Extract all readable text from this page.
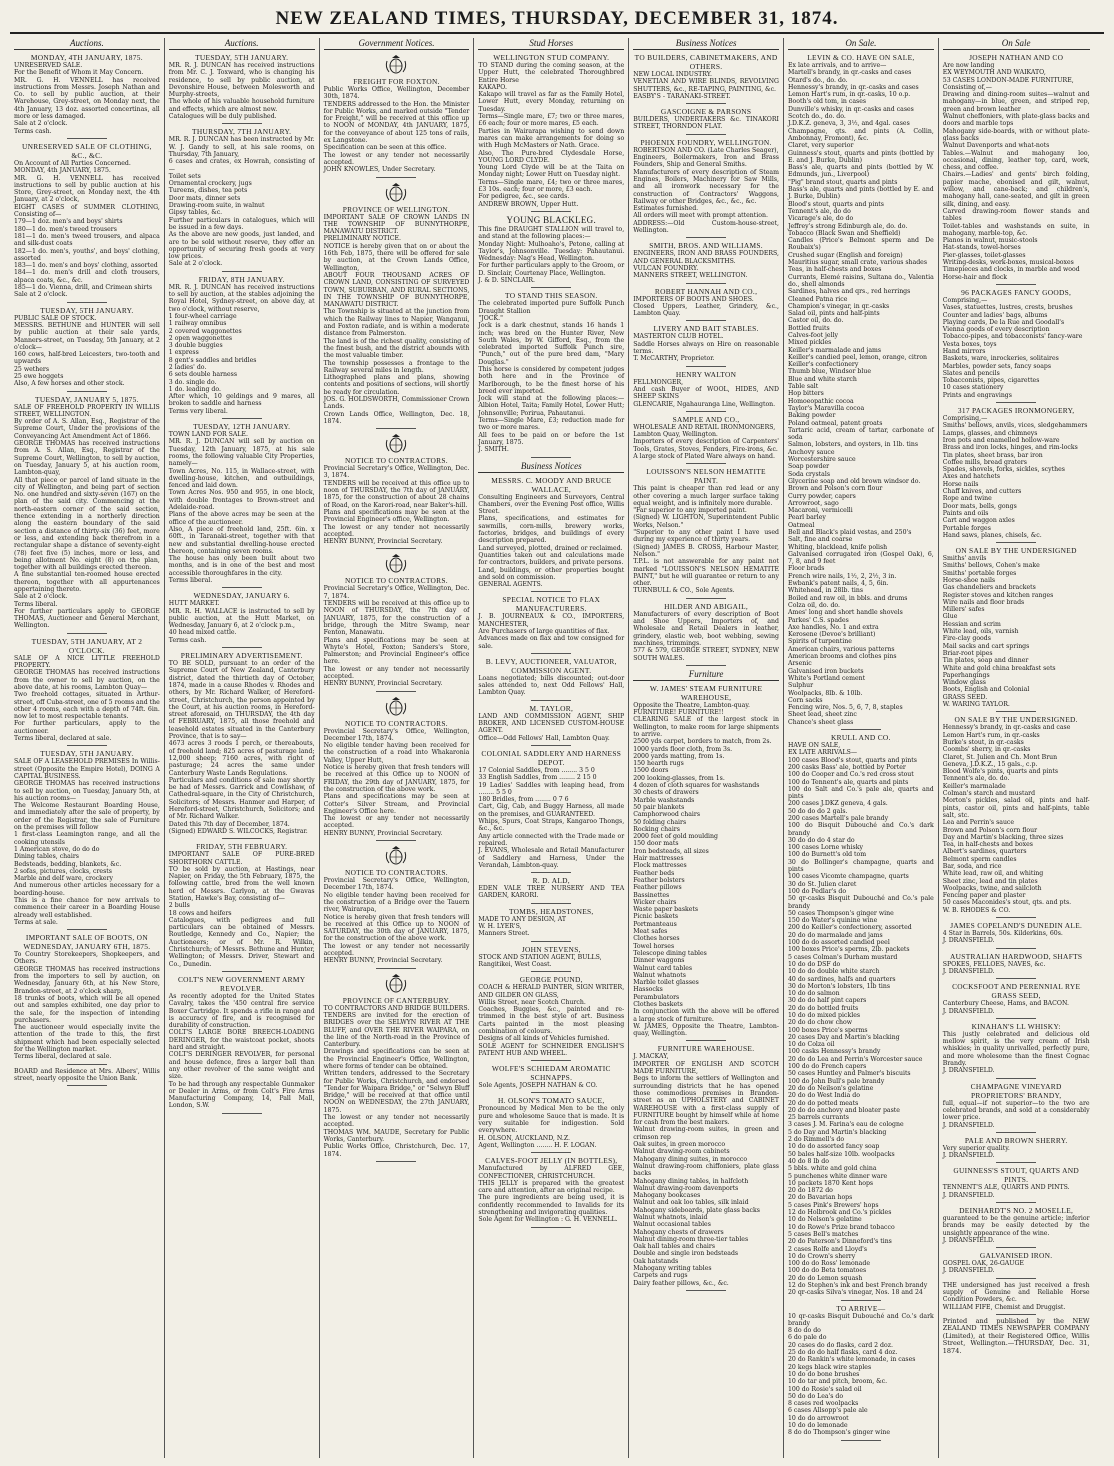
NEW ZEALAND TIMES, THURSDAY, DECEMBER 31, 1874.
Auctions.
MONDAY, 4TH JANUARY, 1875.
UNRESERVED SALE.
For the Benefit of Whom it May Concern.
MR. G. H. VENNELL has received instructions from Messrs. Joseph Nathan and Co. to sell by public auction, at their Warehouse, Grey-street, on Monday next, the 4th January, 13 doz. assorted concertinas, all more or less damaged.
Sale at 2 o'clock.
Terms cash.
UNRESERVED SALE OF CLOTHING, &C., &C.
On Account of All Parties Concerned.
MONDAY, 4th JANUARY, 1875.
MR. G. H. VENNELL has received instructions to sell by public auction at his Store, Grey-street, on Monday next, the 4th January, at 2 o'clock,
EIGHT CASES of SUMMER CLOTHING, Consisting of—
179—1 doz. men's and boys' shirts
180—1 do. men's tweed trousers
181—1 do. men's tweed trousers, and alpaca and silk-dust coats
182—1 do. men's, youths', and boys' clothing, assorted
183—1 do. men's and boys' clothing, assorted
184—1 do. men's drill and cloth trousers, alpaca coats, &c., &c.
185—1 do. Vienna, drill, and Crimean shirts
Sale at 2 o'clock.
TUESDAY, 5TH JANUARY.
PUBLIC SALE OF STOCK.
MESSRS. BETHUNE and HUNTER will sell by public auction at their sale yards, Manners-street, on Tuesday, 5th January, at 2 o'clock—
160 cows, half-bred Leicesters, two-tooth and upwards
25 wethers
25 ewe hoggets
Also, A few horses and other stock.
TUESDAY, JANUARY 5, 1875.
SALE OF FREEHOLD PROPERTY IN WILLIS STREET, WELLINGTON.
By order of A. S. Allan, Esq., Registrar of the Supreme Court, Under the provisions of the Conveyancing Act Amendment Act of 1866.
GEORGE THOMAS has received instructions from A. S. Allan, Esq., Registrar of the Supreme Court, Wellington, to sell by auction, on Tuesday, January 5, at his auction room, Lambton-quay,
All that piece or parcel of land situate in the city of Wellington, and being part of section No. one hundred and sixty-seven (167) on the plan of the said city. Commencing at the north-eastern corner of the said section, thence extending in a northerly direction along the eastern boundary of the said section a distance of thirty-six (36) feet, more or less, and extending back therefrom in a rectangular shape a distance of seventy-eight (78) feet five (5) inches, more or less, and being allotment No. eight (8) on the plan, together with all buildings erected thereon.
A fine substantial ten-roomed house erected thereon, together with all appurtenances appertaining thereto.
Sale at 2 o'clock.
Terms liberal.
For further particulars apply to GEORGE THOMAS, Auctioneer and General Merchant, Wellington.
TUESDAY, 5TH JANUARY, AT 2 O'CLOCK.
SALE OF A NICE LITTLE FREEHOLD PROPERTY.
GEORGE THOMAS has received instructions from the owner to sell by auction, on the above date, at his rooms, Lambton Quay—
Two freehold cottages, situated in Arthur-street, off Cuba-street, one of 5 rooms and the other 4 rooms, each with a depth of 74ft. 6in. now let to most respectable tenants.
For further particulars, apply to the auctioneer.
Terms liberal, declared at sale.
TUESDAY, 5TH JANUARY.
SALE OF A LEASEHOLD PREMISES In Willis-street (Opposite the Empire Hotel), DOING A CAPITAL BUSINESS.
GEORGE THOMAS has received instructions to sell by auction, on Tuesday, January 5th, at his auction rooms—
The Welcome Restaurant Boarding House, and immediately after the sale of property, by order of the Registrar, the sale of Furniture on the premises will follow
1 first-class Leamington range, and all the cooking utensils
1 American stove, do do do
Dining tables, chairs
Bedsteads, bedding, blankets, &c.
2 sofas, pictures, clocks, crests
Marble and delf ware, crockery
And numerous other articles necessary for a boarding-house.
This is a fine chance for new arrivals to commence their career in a Boarding House already well established.
Terms at sale.
IMPORTANT SALE OF BOOTS, ON WEDNESDAY, JANUARY 6TH, 1875.
To Country Storekeepers, Shopkeepers, and Others.
GEORGE THOMAS has received instructions from the importers to sell by auction, on Wednesday, January 6th, at his New Store, Brandon-street, at 2 o'clock sharp,
18 trunks of boots, which will be all opened out and samples exhibited, one day prior to the sale, for the inspection of intending purchasers.
The auctioneer would especially invite the attention of the trade to this, the first shipment which had been especially selected for the Wellington market.
Terms liberal, declared at sale.
BOARD and Residence at Mrs. Albers', Willis street, nearly opposite the Union Bank.
Auctions.
TUESDAY, 5TH JANUARY.
MR. R. J. DUNCAN has received instructions from Mr. C. J. Toxward, who is changing his residence, to sell by public auction, at Devonshire House, between Molesworth and Murphy-streets,
The whole of his valuable household furniture and effects, which are almost new.
Catalogues will be duly published.
THURSDAY, 7TH JANUARY.
MR. R. J. DUNCAN has been instructed by Mr. W. J. Gandy to sell, at his sale rooms, on Thursday, 7th January,
6 cases and crates, ex Howrah, consisting of—
Toilet sets
Ornamental crockery, jugs
Tureens, dishes, tea pots
Door mats, dinner sets
Drawing-room suite, in walnut
Gipsy tables, &c.
Further particulars in catalogues, which will be issued in a few days.
As the above are new goods, just landed, and are to be sold without reserve, they offer an opportunity of securing fresh goods at very low prices.
Sale at 2 o'clock.
FRIDAY, 8TH JANUARY.
MR. R. J. DUNCAN has received instructions to sell by auction, at the stables adjoining the Royal Hotel, Sydney-street, on above day, at two o'clock, without reserve,
1 four-wheel carriage
1 railway omnibus
2 covered waggonettes
2 open waggonettes
3 double buggies
1 express
8 gent's saddles and bridles
2 ladies' do.
6 sets double harness
3 do. single do.
1 do. leading do.
After which, 10 geldings and 9 mares, all broken to saddle and harness
Terms very liberal.
TUESDAY, 12TH JANUARY.
TOWN LAND FOR SALE.
MR. R. J. DUNCAN will sell by auction on Tuesday, 12th January, 1875, at his sale rooms, the following valuable City Properties, namely—
Town Acres, No. 115, in Wallace-street, with dwelling-house, kitchen, and outbuildings, fenced and laid down.
Town Acres Nos. 950 and 955, in one block, with double frontages to Brown-street and Adelaide-road.
Plans of the above acres may be seen at the office of the auctioneer.
Also, A piece of freehold land, 25ft. 6in. x 60ft., in Taranaki-street, together with that new and substantial dwelling-house erected thereon, containing seven rooms.
The house has only been built about two months, and is in one of the best and most accessible thoroughfares in the city.
Terms liberal.
WEDNESDAY, JANUARY 6.
HUTT MARKET.
MR. R. H. WALLACE is instructed to sell by public auction, at the Hutt Market, on Wednesday, January 6, at 2 o'clock p.m.,
40 head mixed cattle.
Terms cash.
PRELIMINARY ADVERTISEMENT.
TO BE SOLD, pursuant to an order of the Supreme Court of New Zealand, Canterbury district, dated the thirtieth day of October, 1874, made in a cause Rhodes v. Rhodes and others, by Mr. Richard Walker, of Hereford-street, Christchurch, the person appointed by the Court, at his auction rooms, in Hereford-street aforesaid, on THURSDAY, the 4th day of FEBRUARY, 1875, all those freehold and leasehold estates situated in the Canterbury Province, that is to say—
4673 acres 3 roods 1 perch, or thereabouts, of freehold land; 825 acres of pasturage land; 12,000 sheep; 7160 acres, with right of pasturage; 24 acres the same under Canterbury Waste Lands Regulations.
Particulars and conditions of sale may shortly be had of Messrs. Garrick and Cowlishaw, of Cathedral-square, in the City of Christchurch, Solicitors; of Messrs. Hanmer and Harper, of Hereford-street, Christchurch, Solicitors; and of Mr. Richard Walker.
Dated this 7th day of December, 1874.
(Signed) EDWARD S. WILCOCKS, Registrar.
FRIDAY, 5TH FEBRUARY.
IMPORTANT SALE OF PURE-BRED SHORTHORN CATTLE.
TO be sold by auction, at Hastings, near Napier, on Friday, the 5th February, 1875, the following cattle, bred from the well known herd of Messrs. Carlyon, at the Gwavas Station, Hawke's Bay, consisting of—
2 bulls
18 cows and heifers
Catalogues, with pedigrees and full particulars can be obtained of Messrs. Routledge, Kennedy and Co., Napier; the Auctioneers; or of Mr. R. Wilkin, Christchurch; of Messrs. Bethune and Hunter, Wellington; of Messrs. Driver, Stewart and Co., Dunedin.
COLT'S NEW GOVERNMENT ARMY REVOLVER.
As recently adopted for the United States Cavalry, takes the '450 central fire service Boxer Cartridge. It spends a rifle in range and is accuracy of fire, and is recognised for durability of construction.
COLT'S LARGE BORE BREECH-LOADING DERINGER, for the waistcoat pocket, shoots hard and straight.
COLT'S DERINGER REVOLVER, for personal and house defence, fires a larger ball than any other revolver of the same weight and size.
To be had through any respectable Gunmaker or Dealer in Arms, or from Colt's Fire Arms Manufacturing Company, 14, Pall Mall, London, S.W.
Government Notices.
FREIGHT FOR FOXTON.
Public Works Office, Wellington, December 30th, 1874.
TENDERS addressed to the Hon. the Minister for Public Works, and marked outside "Tender for Freight," will be received at this office up to NOON of MONDAY, 4th JANUARY, 1875, for the conveyance of about 125 tons of rails, ex Langstone.
Specification can be seen at this office.
The lowest or any tender not necessarily accepted.
JOHN KNOWLES, Under Secretary.
PROVINCE OF WELLINGTON.
IMPORTANT SALE OF CROWN LANDS IN THE TOWNSHIP OF BUNNYTHORPE, MANAWATU DISTRICT.
PRELIMINARY NOTICE.
NOTICE is hereby given that on or about the 16th Feb, 1875, there will be offered for sale by auction, at the Crown Lands Office, Wellington,
ABOUT FOUR THOUSAND ACRES OF CROWN LAND, CONSISTING OF SURVEYED TOWN, SUBURBAN, AND RURAL SECTIONS, IN THE TOWNSHIP OF BUNNYTHORPE, MANAWATU DISTRICT.
The Township is situated at the junction from which the Railway lines to Napier, Wanganui, and Foxton radiate, and is within a moderate distance from Palmerston.
The land is of the richest quality, consisting of the finest bush, and the district abounds with the most valuable timber.
The township possesses a frontage to the Railway several miles in length.
Lithographed plans and plans, showing contents and positions of sections, will shortly be ready for circulation.
JOS. G. HOLDSWORTH, Commissioner Crown Lands.
Crown Lands Office, Wellington, Dec. 18, 1874.
NOTICE TO CONTRACTORS.
Provincial Secretary's Office, Wellington, Dec. 3, 1874.
TENDERS will be received at this office up to noon of THURSDAY, the 7th day of JANUARY, 1875, for the construction of about 28 chains of Road, on the Karori-road, near Baker's-hill.
Plans and specifications may be seen at the Provincial Engineer's office, Wellington.
The lowest or any tender not necessarily accepted.
HENRY BUNNY, Provincial Secretary.
NOTICE TO CONTRACTORS.
Provincial Secretary's Office, Wellington, Dec. 7, 1874.
TENDERS will be received at this office up to NOON of THURSDAY, the 7th day of JANUARY, 1875, for the construction of a bridge, through the Mitre Swamp, near Fenton, Manawatu.
Plans and specifications may be seen at Whyte's Hotel, Foxton; Sanders's Store, Palmerston; and Provincial Engineer's office here.
The lowest or any tender not necessarily accepted.
HENRY BUNNY, Provincial Secretary.
NOTICE TO CONTRACTORS.
Provincial Secretary's Office, Wellington, December 17th, 1874.
No eligible tender having been received for the construction of a road into Whakaronia Valley, Upper Hutt,
Notice is hereby given that fresh tenders will be received at this Office up to NOON of FRIDAY, the 29th day of JANUARY, 1875, for the construction of the above work.
Plans and specifications may be seen at Cotter's Silver Stream, and Provincial Engineer's Office here.
The lowest or any tender not necessarily accepted.
HENRY BUNNY, Provincial Secretary.
NOTICE TO CONTRACTORS.
Provincial Secretary's Office, Wellington, December 17th, 1874.
No eligible tender having been received for the construction of a Bridge over the Tauern river, Wairarapa,
Notice is hereby given that fresh tenders will be received at this Office up to NOON of SATURDAY, the 30th day of JANUARY, 1875, for the construction of the above work.
The lowest or any tender not necessarily accepted.
HENRY BUNNY, Provincial Secretary.
PROVINCE OF CANTERBURY.
TO CONTRACTORS AND BRIDGE BUILDERS.
TENDERS are invited for the erection of BRIDGES over the SELWYN RIVER AT THE BLUFF, and OVER THE RIVER WAIPARA, on the line of the North-road in the Province of Canterbury.
Drawings and specifications can be seen at the Provincial Engineer's Office, Wellington, where forms of tender can be obtained.
Written tenders, addressed to the Secretary for Public Works, Christchurch, and endorsed "Tender for Waipara Bridge," or "Selwyn Bluff Bridge," will be received at that office until NOON on WEDNESDAY, the 27th JANUARY, 1875.
The lowest or any tender not necessarily accepted.
THOMAS WM. MAUDE, Secretary for Public Works, Canterbury.
Public Works Office, Christchurch, Dec. 17, 1874.
Stud Horses
WELLINGTON STUD COMPANY.
TO STAND during the coming season, at the Upper Hutt, the celebrated Thoroughbred Entire Horse
KAKAPO.
Kakapo will travel as far as the Family Hotel, Lower Hutt, every Monday, returning on Tuesday.
Terms—Single mare, £7; two or three mares, £6 each; four or more mares, £5 each.
Parties in Wairarapa wishing to send down mares can make arrangements for doing so with Hugh McMasters or Nath. Grace.
Also, The Pure-bred Clydesdale Horse, YOUNG LORD CLYDE.
Young Lord Clyde will be at the Taita on Monday night; Lower Hutt on Tuesday night.
Terms—Single mare, £4; two or three mares, £3 10s. each; four or more, £3 each.
For pedigree, &c., see cards.
ANDREW BROWN, Upper Hutt.
YOUNG BLACKLEG.
This fine DRAUGHT STALLION will travel to, and stand at the following places:—
Monday Night: Mulhoaho's, Petone, calling at Taylor's, Johnsonville. Tuesday: Pahautanui. Wednesday: Nag's Head, Wellington.
For further particulars apply to the Groom, or D. Sinclair, Courtenay Place, Wellington.
J. & D. SINCLAIR.
TO STAND THIS SEASON.
The celebrated imported pure Suffolk Punch Draught Stallion
"JOCK."
Jock is a dark chestnut, stands 16 hands 1 inch; was bred on the Hunter River, New South Wales, by W. Gifford, Esq., from the celebrated imported Suffolk Punch sire, "Punch," out of the pure bred dam, "Mary Douglas."
This horse is considered by competent judges both here and in the Province of Marlborough, to be the finest horse of his breed ever imported.
Jock will stand at the following places:— Albion Hotel, Taita; Family Hotel, Lower Hutt; Johnsonville; Porirua, Pahautanui.
Terms—Single Mare, £3; reduction made for two or more mares.
All fees to be paid on or before the 1st January, 1875.
J. SMITH.
Business Notices
MESSRS. C. MOODY AND BRUCE WALLACE,
Consulting Engineers and Surveyors, Central Chambers, over the Evening Post office, Willis Street.
Plans, specifications, and estimates for sawmills, corn-mills, brewery works, factories, bridges, and buildings of every description prepared.
Land surveyed, plotted, drained or reclaimed.
Quantities taken out and calculations made for contractors, builders, and private persons.
Land, buildings, or other properties bought and sold on commission.
GENERAL AGENTS.
SPECIAL NOTICE TO FLAX MANUFACTURERS.
J. B. JOURNEAUX & CO., IMPORTERS, MANCHESTER,
Are Purchasers of large quantities of flax.
Advances made on flax and tow consigned for sale.
B. LEVY, AUCTIONEER, VALUATOR, COMMISSION AGENT.
Loans negotiated; bills discounted; out-door sales attended to, next Odd Fellows' Hall, Lambton Quay.
M. TAYLOR,
LAND AND COMMISSION AGENT, SHIP BROKER, AND LICENSED CUSTOM-HOUSE AGENT.
Office—Odd Fellows' Hall, Lambton Quay.
COLONIAL SADDLERY AND HARNESS DEPOT.
17 Colonial Saddles, from ........ 3 5 0
33 English Saddles, from ........ 2 15 0
19 Ladies' Saddles with leaping head, from ........ 5 5 0
180 Bridles, from ........ 0 7 6
Cart, Gig, Cab, and Buggy Harness, all made on the premises, and GUARANTEED.
Whips, Spurs, Coat Straps, Kangaroo Thongs, &c., &c.
Any article connected with the Trade made or repaired.
J. EVANS, Wholesale and Retail Manufacturer of Saddlery and Harness, Under the Verandah, Lambton-quay.
R. D. ALD,
EDEN VALE TREE NURSERY AND TEA GARDEN, KARORI.
TOMBS, HEADSTONES,
MADE TO ANY DESIGN, AT
W. H. LYER'S,
Manners Street.
JOHN STEVENS,
STOCK AND STATION AGENT, BULLS,
Rangitikei, West Coast.
GEORGE POUND,
COACH & HERALD PAINTER, SIGN WRITER, AND GILDER ON GLASS,
Willis Street, near Scotch Church.
Coaches, Buggies, &c., painted and re-trimmed in the best style of art. Business Carts painted in the most pleasing combination of colours.
Designs of all kinds of Vehicles furnished.
SOLE AGENT for SCHNEIDER ENGLISH'S PATENT HUB AND WHEEL.
WOLFE'S SCHIEDAM AROMATIC SCHNAPPS.
Sole Agents, JOSEPH NATHAN & CO.
H. OLSON'S TOMATO SAUCE,
Pronounced by Medical Men to be the only pure and wholesome Sauce that is made. It is very suitable for indigestion. Sold everywhere.
H. OLSON, AUCKLAND, N.Z.
Agent, Wellington ........ H. F. LOGAN.
CALVES-FOOT JELLY (IN BOTTLES),
Manufactured by ALFRED GEE, CONFECTIONER, CHRISTCHURCH.
THIS JELLY is prepared with the greatest care and attention, after an original recipe.
The pure ingredients are being used, it is confidently recommended to Invalids for its strengthening and invigorating qualities.
Sole Agent for Wellington : G. H. VENNELL.
Business Notices
TO BUILDERS, CABINETMAKERS, AND OTHERS.
NEW LOCAL INDUSTRY.
VENETIAN AND WIRE BLINDS, REVOLVING SHUTTERS, &c., RE-TAPING, PAINTING, &c.
EASBY'S - TARANAKI-STREET.
GASCOIGNE & PARSONS
BUILDERS, UNDERTAKERS &c. TINAKORI STREET, THORNDON FLAT.
PHOENIX FOUNDRY, WELLINGTON.
ROBERTSON AND CO. (Late Charles Seager),
Engineers, Boilermakers, Iron and Brass Founders, Ship and General Smiths.
Manufacturers of every description of Steam Engines, Boilers, Machinery for Saw Mills, and all ironwork necessary for the construction of Contractors' Waggons, Railway or other Bridges, &c., &c., &c.
Estimates furnished.
All orders will meet with prompt attention.
ADDRESS:—Old Custom-house-street, Wellington.
SMITH, BROS. AND WILLIAMS.
ENGINEERS, IRON AND BRASS FOUNDERS, AND GENERAL BLACKSMITHS.
VULCAN FOUNDRY.
MANNERS STREET, WELLINGTON.
ROBERT HANNAH AND CO.,
IMPORTERS OF BOOTS AND SHOES.
Closed Uppers, Leather, Grindery, &c., Lambton Quay.
LIVERY AND BAIT STABLES.
MASTERTON CLUB HOTEL.
Saddle Horses always on Hire on reasonable terms.
T. McCARTHY, Proprietor.
HENRY WALTON
FELLMONGER,
And cash Buyer of WOOL, HIDES, AND SHEEP SKINS
GLENCARIE, Ngahauranga Line, Wellington.
SAMPLE AND CO.,
WHOLESALE AND RETAIL IRONMONGERS,
Lambton Quay, Wellington.
Importers of every description of Carpenters' Tools, Grates, Stoves, Fenders, Fire-irons, &c.
A large stock of Plated Ware always on hand.
LOUISSON'S NELSON HEMATITE PAINT.
This paint is cheaper than red lead or any other covering a much larger surface taking equal weight, and is infinitely more durable.
"Far superior to any imported paint.
(Signed) W. LIGHTON, Superintendent Public Works, Nelson."
"Superior to any other paint I have used during my experience of thirty years.
(Signed) JAMES B. CROSS, Harbour Master, Nelson."
T.P.L. is not answerable for any paint not marked "LOUISSON'S NELSON HEMATITE PAINT," but he will guarantee or return to any other.
TURNBULL & CO., Sole Agents.
HILDER AND ABIGAIL,
Manufacturers of every description of Boot and Shoe Uppers, Importers of, and Wholesale and Retail Dealers in leather, grindery, elastic web, boot webbing, sewing machines, trimmings.
577 & 579, GEORGE STREET, SYDNEY, NEW SOUTH WALES.
Furniture
W. JAMES' STEAM FURNITURE WAREHOUSE,
Opposite the Theatre, Lambton-quay.
FURNITURE! FURNITURE!!
CLEARING SALE of the largest stock in Wellington, to make room for large shipments to arrive.
2500 yds carpet, borders to match, from 2s.
1000 yards floor cloth, from 3s.
2000 yards matting, from 1s.
150 hearth rugs
1500 doors
200 looking-glasses, from 1s.
4 dozen of cloth squares for washstands
30 chests of drawers
Marble washstands
50 pair blankets
Camphorwood chairs
50 folding chairs
Rocking chairs
2000 feet of gold moulding
150 door mats
Iron bedsteads, all sizes
Hair mattresses
Flock mattresses
Feather beds
Feather bolsters
Feather pillows
Bassinettes
Wicker chairs
Waste paper baskets
Picnic baskets
Portmanteaus
Meat safes
Clothes horses
Towel horses
Telescope dining tables
Dinner waggons
Walnut card tables
Walnut whatnots
Marble toilet glasses
Hassocks
Perambulators
Clothes baskets
In conjunction with the above will be offered a large stock of furniture.
W. JAMES, Opposite the Theatre, Lambton-quay, Wellington.
FURNITURE WAREHOUSE.
J. MACKAY,
IMPORTER OF ENGLISH AND SCOTCH MADE FURNITURE,
Begs to inform the settlers of Wellington and surrounding districts that he has opened those commodious premises in Brandon-street as an UPHOLSTERY and CABINET WAREHOUSE with a first-class supply of FURNITURE bought by himself while at home for cash from the best makers.
Walnut drawing-room suites, in green and crimson rep
Oak suites, in green morocco
Walnut drawing-room cabinets
Mahogany dining suites, in morocco
Walnut drawing-room chiffoniers, plate glass backs
Mahogany dining tables, in halfcloth
Walnut drawing-room davenports
Mahogany bookcases
Walnut and oak loo tables, silk inlaid
Mahogany sideboards, plate glass backs
Walnut whatnots, inlaid
Walnut occasional tables
Mahogany chests of drawers
Walnut dining-room three-tier tables
Oak hall tables and chairs
Double and single iron bedsteads
Oak hatstands
Mahogany writing tables
Carpets and rugs
Dairy feather pillows, &c., &c.
On Sale.
LEVIN & CO. HAVE ON SALE,
Ex late arrivals, and to arrive—
Martell's brandy, in qr.-casks and cases
Otard's do., do. do.
Hennessy's brandy, in qr.-casks and cases
Lemon Hart's rum, in qr.-casks, 10 o.p.
Booth's old tom, in cases
Dunville's whisky, in qr.-casks and cases
Scotch do., do. do.
J.D.K.Z. geneva, 3, 3½, and 4gal. cases
Champagne, qts. and pints (A. Collin, Ambonnay, Fromont), &c.
Claret, very superior
Guinness's stout, quarts and pints (bottled by E. and J. Burke, Dublin)
Bass's ale, quarts and pints (bottled by W. Edmunds, jun., Liverpool)
"Pig" brand stout, quarts and pints
Bass's ale, quarts and pints (bottled by E. and J. Burke, Dublin)
Blood's stout, quarts and pints
Tennent's ale, do do
Vicarage's ale, do do
Jeffrey's strong Edinburgh ale, do. do.
Tobacco (Black Swan and Sheffield)
Candles (Price's Belmont sperm and De Roubaix's)
Crushed sugar (English and foreign)
Mauritius sugar, small crate, various shades
Teas, in half-chests and boxes
Currants, Elemé raisins, Sultana do., Valentia do., shell almonds
Sardines, halves and qrs., red herrings
Cleaned Patna rice
Champion's vinegar, in qr.-casks
Salad oil, pints and half-pints
Castor oil, do. do.
Bottled fruits
Calves-foot jelly
Mixed pickles
Keiller's marmalade and jams
Keiller's candied peel, lemon, orange, citron
Keiller's confectionery
Thumb blue, Windsor blue
Blue and white starch
Table salt
Hop bitters
Homoeopathic cocoa
Taylor's Maravilla cocoa
Baking powder
Poland oatmeal, patent groats
Tartaric acid, cream of tartar, carbonate of soda
Salmon, lobsters, and oysters, in 1lb. tins
Anchovy sauce
Worcestershire sauce
Soap powder
Soda crystals
Glycerine soap and old brown windsor do.
Brown and Polson's corn flour
Curry powder, capers
Arrowroot, sago
Macaroni, vermicelli
Pearl barley
Oatmeal
Bell and Black's plaid vestas, and 250's
Salt, fine and coarse
Whiting, blacklead, knife polish
Galvanised corrugated iron (Gospel Oak), 6, 7, 8, and 9 feet
Floor brads
French wire nails, 1½, 2, 2½, 3 in.
Ewbank's patent nails, 4, 5, 6in.
Whitehead, in 28lb. tins
Boiled and raw oil, in bbls. and drums
Colza oil, do. do.
Ames' long and short handle shovels
Parkes' C.S. spades
Axe handles, No. 1 and extra
Kerosene (Devoe's brilliant)
Spirits of turpentine
American chairs, various patterns
American brooms and clothes pins
Arsenic
Galvanised iron buckets
White's Portland cement
Sulphur
Woolpacks, 8lb. & 10lb.
Corn sacks
Fencing wire, Nos. 5, 6, 7, 8, staples
Sheet lead, sheet zinc
Chance's sheet glass
KRULL AND CO.
HAVE ON SALE,
EX LATE ARRIVALS—
100 cases Blood's stout, quarts and pints
200 casks Bass' ale, bottled by Porter
100 do Cooper and Co.'s red cross stout
100 do Tennent's ale, quarts and pints
100 do Salt and Co.'s pale ale, quarts and pints
200 cases J.DKZ geneva, 4 gals.
50 do do do 2 gals.
200 cases Martell's pale brandy
100 do Bisquit Dubouché and Co.'s dark brandy
30 do do do 4 star do
100 cases Lorne whisky
100 do Burnett's old tom
30 do Bollinger's champagne, quarts and pints
100 cases Vicomte champagne, quarts
30 do St. Julien claret
100 do Pedlar's do
50 qr-casks Bisquit Dubouché and Co.'s pale brandy
50 cases Thompson's ginger wine
150 do Water's quinine wine
200 do Keiller's confectionery, assorted
20 do do marmalade and jams
100 do do assorted candied peel
100 boxes Price's sperms, 2lb. packets
5 cases Colman's Durham mustard
10 do do DSF do
10 do do double white starch
40 do sardines, halfs and quarters
30 do Morton's lobsters, 1lb tins
10 do do salmon
30 do do half pint capers
20 do do bottled fruits
10 do do mixed pickles
20 do do chow chow
100 boxes Price's sperms
20 cases Day and Martin's blacking
10 do Colza oil
100 casks Hennessy's brandy
20 do do Lea and Perrin's Worcester sauce
100 do do French capers
50 cases Huntley and Palmer's biscuits
100 do John Bull's pale brandy
20 do do Neilson's gelatine
20 do do West India do
20 do do potted meats
20 do do anchovy and bloater paste
25 barrels currants
3 cases J. M. Farina's eau de cologne
5 do Day and Martin's blacking
2 do Rimmell's do
10 do do assorted fancy soap
50 bales half-size 10lb. woolpacks
40 do 8 lb do
5 bbls. white and gold china
5 punchenes white dinner ware
10 packets 1870 Kent hops
20 do 1872 do
20 do Bavarian hops
5 cases Pink's Brewers' hops
12 do Holbrook and Co.'s pickles
10 do Nelson's gelatine
10 do Rowe's Prize brand tobacco
5 cases Bell's matches
20 do Paterson's Dinneford's tins
2 cases Rolfe and Lloyd's
10 do Crown's sherry
100 do do Ross' lemonade
100 do do Beta tomatoes
20 do do Lemon squash
12 do Stephen's ink and best French brandy
20 qr-casks Silva's vinegar, Nos. 18 and 24
TO ARRIVE—
10 qr-casks Bisquit Dubouché and Co.'s dark brandy
8 do do do
6 do pale do
20 cases do do flasks, card 2 doz.
25 do do do half flasks, card 4 doz.
20 do Rankin's white lemonade, in cases
20 kegs black wire staples
10 do do bone brushes
10 do tar and pitch, broom, &c.
100 do Rosie's salad oil
50 do do Lea's do
8 cases red woolpacks
6 cases Allsopp's pale ale
10 do do arrowroot
10 do do lemonade
8 do do Thompson's ginger wine
On Sale
JOSEPH NATHAN AND CO
Are now landing
EX WEYMOUTH AND WAIKATO,
53 CASES LONDON-MADE FURNITURE,
Consisting of,—
Drawing and dining-room suites—walnut and mahogany—in blue, green, and striped rep, green and brown leather
Walnut cheffoniers, with plate-glass backs and doors and marble tops
Mahogany side-boards, with or without plate-glass backs
Walnut Davenports and what-nots
Tables.—Walnut and mahogany loo, occasional, dining, leather top, card, work, chess, and coffee.
Chairs.—Ladies' and gents' birch folding, papier mache, ebonised and gilt, walnut, willow, and cane-back; and children's, mahogany hall, cane-seated, and gilt in green silk, dining, and easy.
Carved drawing-room flower stands and tables
Toilet-tables and washstands en suite, in mahogany, marble-top, &c.
Pianos in walnut, music-stools
Hat-stands, towel-horses
Pier-glasses, toilet-glasses
Writing-desks, work-boxes, musical-boxes
Timepieces and clocks, in marble and wood
Horse-hair and flock
96 PACKAGES FANCY GOODS,
Comprising,—
Vases, statuettes, lustres, crests, brushes
Counter and ladies' bags, albums
Playing cards, De la Rue and Goodall's
Vienna goods of every description
Tobacco-pipes, and tobacconists' fancy-ware
Vesta boxes, toys
Hand mirrors
Baskets, ware, inrockeries, solitaires
Marbles, powder sets, fancy soaps
Slates and pencils
Tobacconists, pipes, cigarettes
10 cases stationery
Prints and engravings
317 PACKAGES IRONMONGERY,
Comprising,—
Smiths' bellows, anvils, vices, sledgehammers
Lamps, glasses, and chimneys
Iron pots and enamelled hollow-ware
Brass and iron locks, hinges, and rim-locks
Tin plates, sheet brass, bar iron
Coffee mills, bread graters
Spades, shovels, forks, sickles, scythes
Axes and hatchets
Horse nails
Chaff knives, and cutters
Rope and twine
Door mats, bells, gongs
Paints and oils
Cart and waggon axles
Portable forges
Hand saws, planes, chisels, &c.
ON SALE BY THE UNDERSIGNED
Smiths' anvils
Smiths' bellows, Cohen's make
Smiths' portable forges
Horse-shoe nails
Gas chandeliers and brackets
Register stoves and kitchen ranges
Wire nails and floor brads
Millers' safes
Glue
Hessian and scrim
White lead, oils, varnish
Fire-clay goods
Mail sacks and cart springs
Briar-root pipes
Tin plates, soap and dinner
White and gold china breakfast sets
Paperhangings
Window glass
Boots, English and Colonial
GRASS SEED.
W. WARING TAYLOR.
ON SALE BY THE UNDERSIGNED.
Hennessy's brandy, in qr.-casks and case
Lemon Hart's rum, in qr.-casks
Burke's stout, in qr.-casks
Coombs' sherry, in qr.-casks
Claret, St. Julien and Ch. Mont Brun
Geneva, J.D.K.Z., 15 gals., c.p.
Blood Wolfe's pints, quarts and pints
Tennent's ale, do. do.
Keiller's marmalade
Colman's starch and mustard
Morton's pickles, salad oil, pints and half-pints, castor oil, pints and half-pints, table salt, stc.
Lea and Perrin's sauce
Brown and Polson's corn flour
Day and Martin's blacking, three sizes
Tea, in half-chests and boxes
Albert's sardines, quarters
Belmont sperm candles
Bar, soda, and rice
White lead, raw oil, and whiting
Sheet zinc, lead and tin plates
Woolpacks, twine, and sailcloth
Fencing paper and plaster
50 cases Maconides's stout, qts. and pts.
W. B. RHODES & CO.
JAMES COPELAND'S DUNEDIN ALE.
4 Star in Barrels, 50s. Kilderkins, 60s.
J. DRANSFIELD.
AUSTRALIAN HARDWOOD, SHAFTS
SPOKES, FELLOES, NAVES, &c.
J. DRANSFIELD.
COCKSFOOT AND PERENNIAL RYE GRASS SEED,
Canterbury Cheese, Hams, and BACON.
J. DRANSFIELD.
KINAHAN'S LL WHISKY:
This justly celebrated and delicious old mellow spirit, is the very cream of Irish whiskies; in quality unrivalled, perfectly pure, and more wholesome than the finest Cognac Brandy.
J. DRANSFIELD.
CHAMPAGNE VINEYARD PROPRIETORS' BRANDY,
full, equal—if not superior—to the two are celebrated brands, and sold at a considerably lower price.
J. DRANSFIELD.
PALE AND BROWN SHERRY.
Very superior quality.
J. DRANSFIELD.
GUINNESS'S STOUT, QUARTS AND PINTS.
TENNENT'S ALE, QUARTS AND PINTS.
J. DRANSFIELD.
DEINHARDT'S NO. 2 MOSELLE,
guaranteed to be the genuine article; inferior brands may be easily detected by the unsightly appearance of the wine.
J. DRANSFIELD.
GALVANISED IRON.
GOSPEL OAK, 26-GAUGE
J. DRANSFIELD.
THE undersigned has just received a fresh supply of Genuine and Reliable Horse Condition Powders, &c.
WILLIAM FIFE, Chemist and Druggist.
Printed and published by the NEW ZEALAND TIMES NEWSPAPER COMPANY (Limited), at their Registered Office, Willis Street, Wellington.—THURSDAY, Dec. 31, 1874.
